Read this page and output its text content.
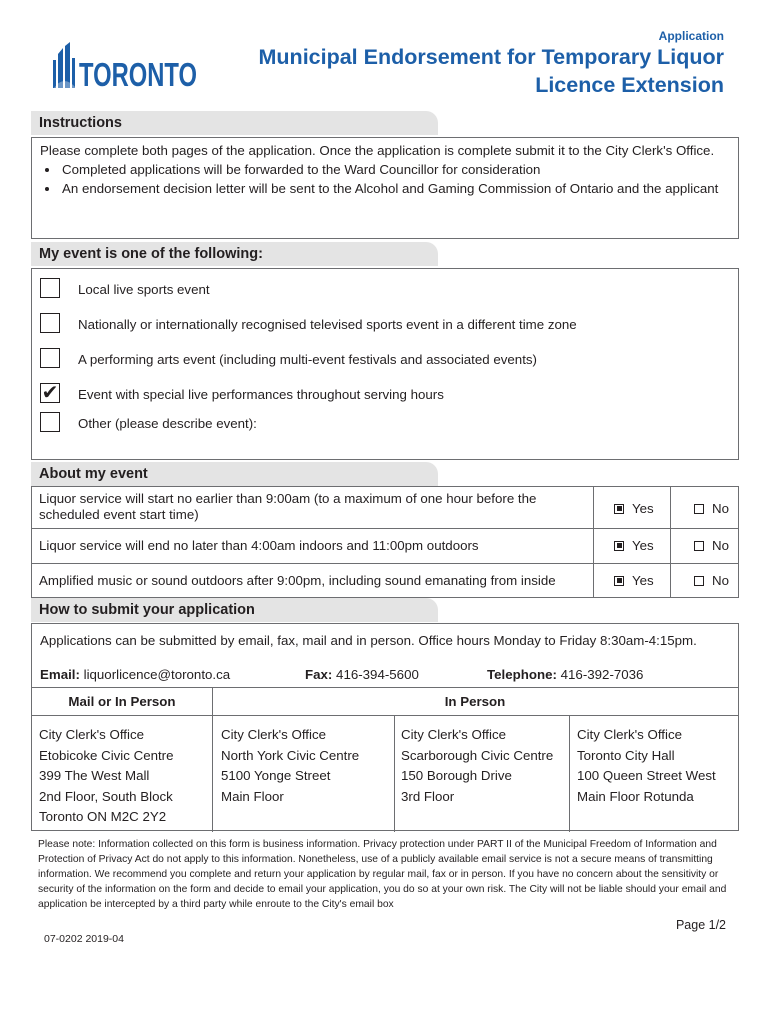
TORONTO
Application
Municipal Endorsement for Temporary Liquor Licence Extension
Instructions

Please complete both pages of the application. Once the application is complete submit it to the City Clerk's Office.

• Completed applications will be forwarded to the Ward Councillor for consideration
• An endorsement decision letter will be sent to the Alcohol and Gaming Commission of Ontario and the applicant
My event is one of the following:
Local live sports event
Nationally or internationally recognised televised sports event in a different time zone
A performing arts event (including multi-event festivals and associated events)
✔ Event with special live performances throughout serving hours
Other (please describe event):
About my event
Liquor service will start no earlier than 9:00am (to a maximum of one hour before the scheduled event start time)	Yes	No
Liquor service will end no later than 4:00am indoors and 11:00pm outdoors	Yes	No
Amplified music or sound outdoors after 9:00pm, including sound emanating from inside	Yes	No
How to submit your application
Applications can be submitted by email, fax, mail and in person. Office hours Monday to Friday 8:30am-4:15pm.
Email: liquorlicence@toronto.ca	Fax: 416-394-5600	Telephone: 416-392-7036
Mail or In Person	In Person
City Clerk's Office
Etobicoke Civic Centre
399 The West Mall
2nd Floor, South Block
Toronto ON M2C 2Y2
City Clerk's Office
North York Civic Centre
5100 Yonge Street
Main Floor
City Clerk's Office
Scarborough Civic Centre
150 Borough Drive
3rd Floor
City Clerk's Office
Toronto City Hall
100 Queen Street West
Main Floor Rotunda

Please note: Information collected on this form is business information. Privacy protection under PART II of the Municipal Freedom of Information and Protection of Privacy Act do not apply to this information. Nonetheless, use of a publicly available email service is not a secure means of transmitting information. We recommend you complete and return your application by regular mail, fax or in person. If you have no concern about the sensitivity or security of the information on the form and decide to email your application, you do so at your own risk. The City will not be liable should your email and application be intercepted by a third party while enroute to the City's email box

Page 1/2
07-0202 2019-04
